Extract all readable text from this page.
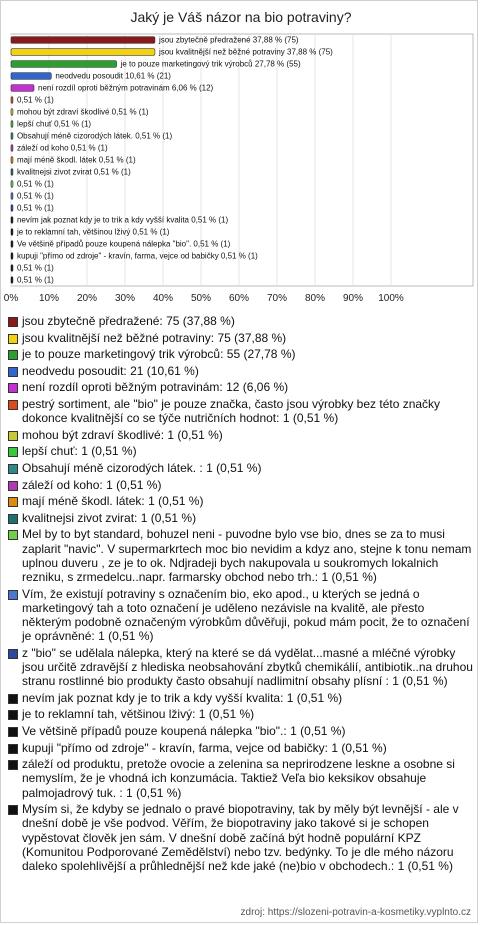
Jaký je Váš názor na bio potraviny?
0% 10% 20% 30% 40% 50% 60% 70% 80% 90% 100%
jsou zbytečně předražené 37,88 % (75)
jsou kvalitnější než běžné potraviny 37,88 % (75)
je to pouze marketingový trik výrobců 27,78 % (55)
neodvedu posoudit 10,61 % (21)
není rozdíl oproti běžným potravinám 6,06 % (12)
0,51 % (1)
mohou být zdraví škodlivé 0,51 % (1)
lepší chuť 0,51 % (1)
Obsahují méně cizorodých látek. 0,51 % (1)
záleží od koho 0,51 % (1)
mají méně škodl. látek 0,51 % (1)
kvalitnejsi zivot zvirat 0,51 % (1)
0,51 % (1)
0,51 % (1)
0,51 % (1)
nevím jak poznat kdy je to trik a kdy vyšší kvalita 0,51 % (1)
je to reklamní tah, většinou lživý 0,51 % (1)
Ve většině případů pouze koupená nálepka "bio". 0,51 % (1)
kupuji "přímo od zdroje" - kravín, farma, vejce od babičky 0,51 % (1)
0,51 % (1)
0,51 % (1)
jsou zbytečně předražené: 75 (37,88 %)
jsou kvalitnější než běžné potraviny: 75 (37,88 %)
je to pouze marketingový trik výrobců: 55 (27,78 %)
neodvedu posoudit: 21 (10,61 %)
není rozdíl oproti běžným potravinám: 12 (6,06 %)
pestrý sortiment, ale "bio" je pouze značka, často jsou výrobky bez této značky dokonce kvalitnější co se týče nutričních hodnot: 1 (0,51 %)
mohou být zdraví škodlivé: 1 (0,51 %)
lepší chuť: 1 (0,51 %)
Obsahují méně cizorodých látek. : 1 (0,51 %)
záleží od koho: 1 (0,51 %)
mají méně škodl. látek: 1 (0,51 %)
kvalitnejsi zivot zvirat: 1 (0,51 %)
Mel by to byt standard, bohuzel neni - puvodne bylo vse bio, dnes se za to musi zaplarit "navic". V supermarkrtech moc bio nevidim a kdyz ano, stejne k tonu nemam uplnou duveru , ze je to ok. Ndjradeji bych nakupovala u soukromych lokalnich rezniku, s zrmedelcu..napr. farmarsky obchod nebo trh.: 1 (0,51 %)
Vím, že existují potraviny s označením bio, eko apod., u kterých se jedná o marketingový tah a toto označení je uděleno nezávisle na kvalitě, ale přesto některým podobně označeným výrobkům důvěřuji, pokud mám pocit, že to označení je oprávněné: 1 (0,51 %)
z "bio" se udělala nálepka, který na které se dá vydělat...masné a mléčné výrobky jsou určitě zdravější z hlediska neobsahování zbytků chemikálií, antibiotik..na druhou stranu rostlinné bio produkty často obsahují nadlimitní obsahy plísní : 1 (0,51 %)
nevím jak poznat kdy je to trik a kdy vyšší kvalita: 1 (0,51 %)
je to reklamní tah, většinou lživý: 1 (0,51 %)
Ve většině případů pouze koupená nálepka "bio".: 1 (0,51 %)
kupuji "přímo od zdroje" - kravín, farma, vejce od babičky: 1 (0,51 %)
záleží od produktu, pretože ovocie a zelenina sa neprirodzene leskne a osobne si nemyslím, že je vhodná ich konzumácia. Taktiež Veľa bio keksikov obsahuje palmojadrový tuk. : 1 (0,51 %)
Mysím si, že kdyby se jednalo o pravé biopotraviny, tak by měly být levnější - ale v dnešní době je vše podvod. Věřím, že biopotraviny jako takové si je schopen vypěstovat člověk jen sám. V dnešní době začíná být hodně populární KPZ (Komunitou Podporované Zemědělství) nebo tzv. bedýnky. To je dle mého názoru daleko spolehlivější a průhlednější než kde jaké (ne)bio v obchodech.: 1 (0,51 %)
zdroj: https://slozeni-potravin-a-kosmetiky.vyplnto.cz
